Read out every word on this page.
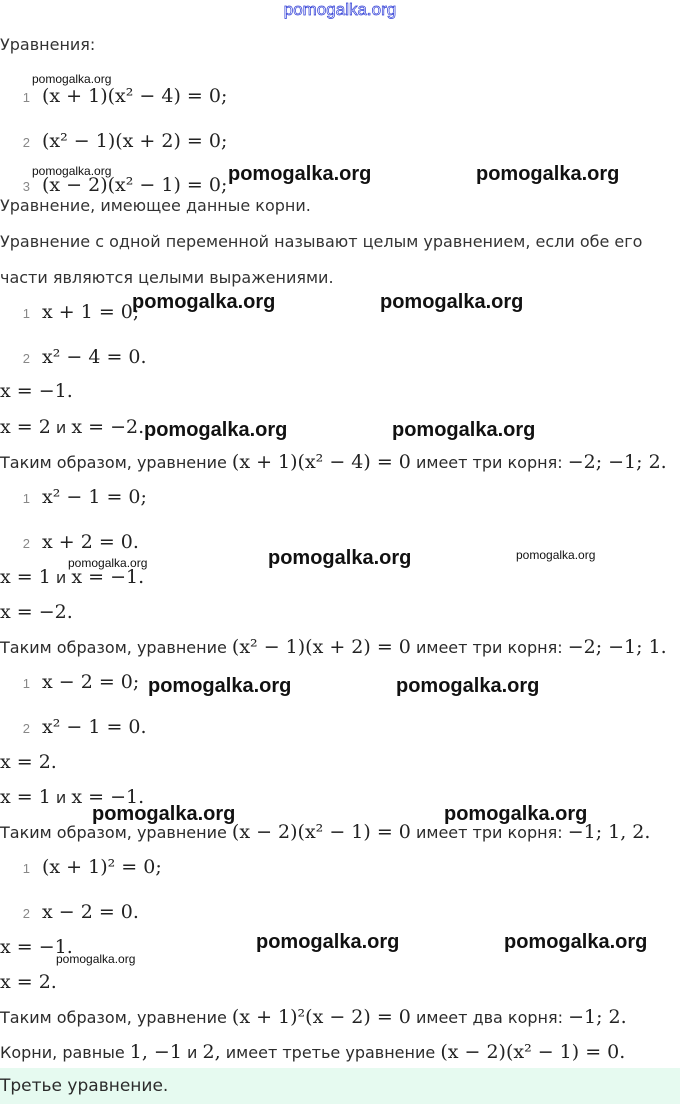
pomogalka.org
Уравнения:
1 (x + 1)(x² − 4) = 0;
2 (x² − 1)(x + 2) = 0;
3 (x − 2)(x² − 1) = 0;
Уравнение, имеющее данные корни.
Уравнение с одной переменной называют целым уравнением, если обе его
части являются целыми выражениями.
1 x + 1 = 0;
2 x² − 4 = 0.
x = −1.
x = 2 и x = −2.
Таким образом, уравнение (x + 1)(x² − 4) = 0 имеет три корня: −2; −1; 2.
1 x² − 1 = 0;
2 x + 2 = 0.
x = 1 и x = −1.
x = −2.
Таким образом, уравнение (x² − 1)(x + 2) = 0 имеет три корня: −2; −1; 1.
1 x − 2 = 0;
2 x² − 1 = 0.
x = 2.
x = 1 и x = −1.
Таким образом, уравнение (x − 2)(x² − 1) = 0 имеет три корня: −1; 1, 2.
1 (x + 1)² = 0;
2 x − 2 = 0.
x = −1.
x = 2.
Таким образом, уравнение (x + 1)²(x − 2) = 0 имеет два корня: −1; 2.
Корни, равные 1, −1 и 2, имеет третье уравнение (x − 2)(x² − 1) = 0.
Третье уравнение.
pomogalka.org
pomogalka.org	pomogalka.org	pomogalka.org
pomogalka.org	pomogalka.org
pomogalka.org	pomogalka.org
pomogalka.org	pomogalka.org	pomogalka.org
pomogalka.org	pomogalka.org
pomogalka.org	pomogalka.org
pomogalka.org
pomogalka.org	pomogalka.org
